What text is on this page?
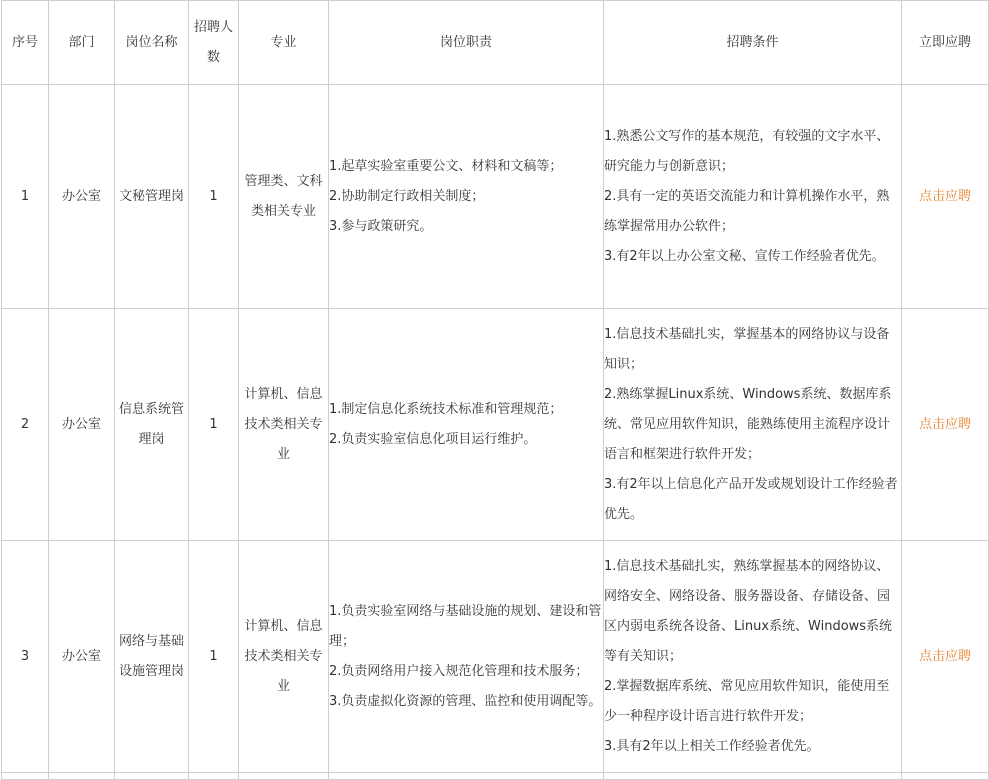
序号	部门	岗位名称	招聘人数	专业	岗位职责	招聘条件	立即应聘
1	办公室	文秘管理岗	1	管理类、文科类相关专业	1.起草实验室重要公文、材料和文稿等；
2.协助制定行政相关制度；
3.参与政策研究。	1.熟悉公文写作的基本规范，有较强的文字水平、研究能力与创新意识；
2.具有一定的英语交流能力和计算机操作水平，熟练掌握常用办公软件；
3.有2年以上办公室文秘、宣传工作经验者优先。	点击应聘
2	办公室	信息系统管理岗	1	计算机、信息技术类相关专业	1.制定信息化系统技术标准和管理规范；
2.负责实验室信息化项目运行维护。	1.信息技术基础扎实，掌握基本的网络协议与设备知识；
2.熟练掌握Linux系统、Windows系统、数据库系统、常见应用软件知识，能熟练使用主流程序设计语言和框架进行软件开发；
3.有2年以上信息化产品开发或规划设计工作经验者优先。	点击应聘
3	办公室	网络与基础设施管理岗	1	计算机、信息技术类相关专业	1.负责实验室网络与基础设施的规划、建设和管理；
2.负责网络用户接入规范化管理和技术服务；
3.负责虚拟化资源的管理、监控和使用调配等。	1.信息技术基础扎实，熟练掌握基本的网络协议、网络安全、网络设备、服务器设备、存储设备、园区内弱电系统各设备、Linux系统、Windows系统等有关知识；
2.掌握数据库系统、常见应用软件知识，能使用至少一种程序设计语言进行软件开发；
3.具有2年以上相关工作经验者优先。	点击应聘
